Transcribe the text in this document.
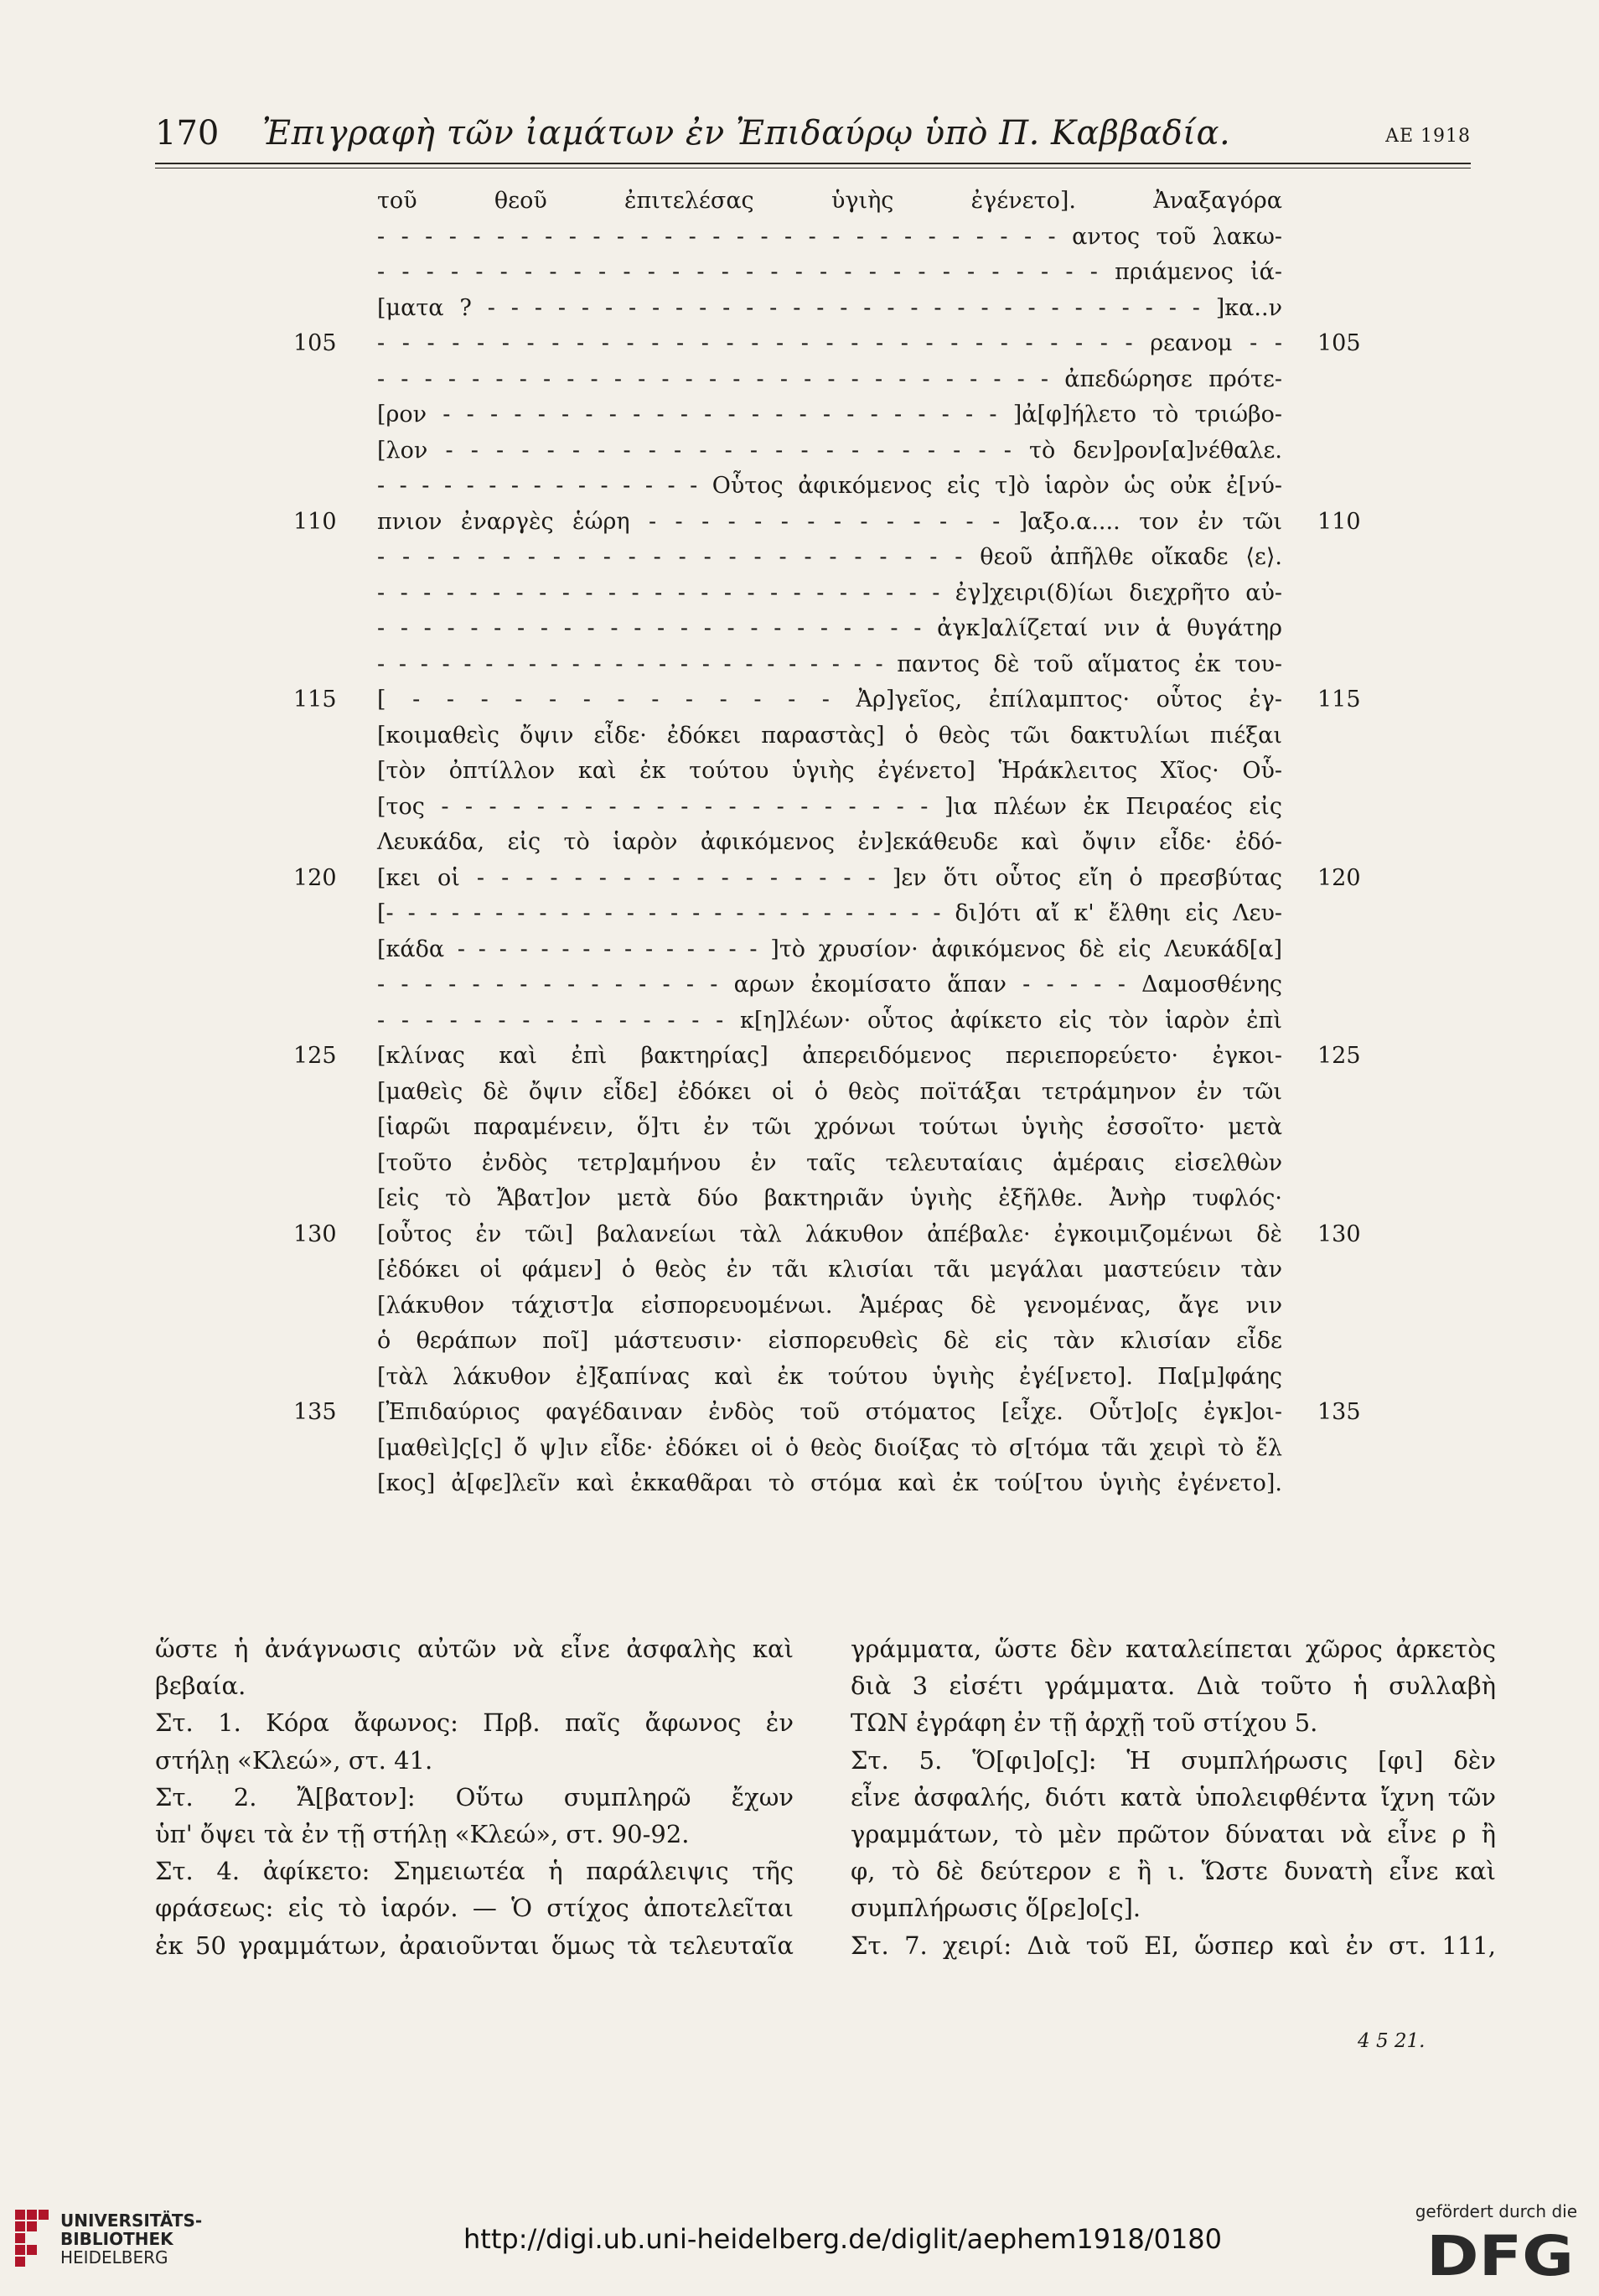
170 Ἐπιγραφὴ τῶν ἰαμάτων ἐν Ἐπιδαύρῳ ὑπὸ Π. Καββαδία.	ΑΕ 1918
τοῦ θεοῦ ἐπιτελέσας ὑγιὴς ἐγένετο]. Ἀναξαγόρα
- - - - - - - - - - - - - - - - - - - - - - - - - - - - - αντος τοῦ λακω-
- - - - - - - - - - - - - - - - - - - - - - - - - - - - - - πριάμενος ἰά-
[ματα ? - - - - - - - - - - - - - - - - - - - - - - - - - - - - - - - ]κα..ν
105 - - - - - - - - - - - - - - - - - - - - - - - - - - - - - - - ρεανομ - - 105
- - - - - - - - - - - - - - - - - - - - - - - - - - - - - ἀπεδώρησε πρότε-
[ρον - - - - - - - - - - - - - - - - - - - - - - - - ]ἀ[φ]ήλετο τὸ τριώβο-
[λον - - - - - - - - - - - - - - - - - - - - - - - τὸ δεν]ρον[α]νέθαλε.
- - - - - - - - - - - - - - - Οὗτος ἀφικόμενος εἰς τ]ὸ ἱαρὸν ὡς οὐκ ἐ[νύ-
110 πνιον ἐναργὲς ἑώρη - - - - - - - - - - - - - - ]αξο.α.... τον ἐν τῶι 110
- - - - - - - - - - - - - - - - - - - - - - - - θεοῦ ἀπῆλθε οἴκαδε ⟨ε⟩.
- - - - - - - - - - - - - - - - - - - - - - - - - ἐγ]χειρι(δ)ίωι διεχρῆτο αὐ-
- - - - - - - - - - - - - - - - - - - - - - - - ἀγκ]αλίζεταί νιν ἁ θυγάτηρ
- - - - - - - - - - - - - - - - - - - - - - - - παντος δὲ τοῦ αἵματος ἐκ του-
115 [ - - - - - - - - - - - - - Ἀρ]γεῖος, ἐπίλαμπτος· οὗτος ἐγ- 115
[κοιμαθεὶς ὄψιν εἶδε· ἐδόκει παραστὰς] ὁ θεὸς τῶι δακτυλίωι πιέξαι
[τὸν ὀπτίλλον καὶ ἐκ τούτου ὑγιὴς ἐγένετο] Ἡράκλειτος Χῖος· Οὗ-
[τος - - - - - - - - - - - - - - - - - - - - - ]ια πλέων ἐκ Πειραέος εἰς
Λευκάδα, εἰς τὸ ἱαρὸν ἀφικόμενος ἐν]εκάθευδε καὶ ὄψιν εἶδε· ἐδό-
120 [κει οἱ - - - - - - - - - - - - - - - - - ]εν ὅτι οὗτος εἴη ὁ πρεσβύτας 120
[- - - - - - - - - - - - - - - - - - - - - - - - - - δι]ότι αἴ κ' ἔλθηι εἰς Λευ-
[κάδα - - - - - - - - - - - - - - - ]τὸ χρυσίον· ἀφικόμενος δὲ εἰς Λευκάδ[α]
- - - - - - - - - - - - - - - αρων ἐκομίσατο ἅπαν - - - - - Δαμοσθένης
- - - - - - - - - - - - - - - κ[η]λέων· οὗτος ἀφίκετο εἰς τὸν ἱαρὸν ἐπὶ
125 [κλίνας καὶ ἐπὶ βακτηρίας] ἀπερειδόμενος περιεπορεύετο· ἐγκοι- 125
[μαθεὶς δὲ ὄψιν εἶδε] ἐδόκει οἱ ὁ θεὸς ποϊτάξαι τετράμηνον ἐν τῶι
[ἱαρῶι παραμένειν, ὅ]τι ἐν τῶι χρόνωι τούτωι ὑγιὴς ἐσσοῖτο· μετὰ
[τοῦτο ἐνδὸς τετρ]αμήνου ἐν ταῖς τελευταίαις ἁμέραις εἰσελθὼν
[εἰς τὸ Ἄβατ]ον μετὰ δύο βακτηριᾶν ὑγιὴς ἐξῆλθε. Ἀνὴρ τυφλός·
130 [οὗτος ἐν τῶι] βαλανείωι τὰλ λάκυθον ἀπέβαλε· ἐγκοιμιζομένωι δὲ 130
[ἐδόκει οἱ φάμεν] ὁ θεὸς ἐν τᾶι κλισίαι τᾶι μεγάλαι μαστεύειν τὰν
[λάκυθον τάχιστ]α εἰσπορευομένωι. Ἁμέρας δὲ γενομένας, ἄγε νιν
ὁ θεράπων ποῖ] μάστευσιν· εἰσπορευθεὶς δὲ εἰς τὰν κλισίαν εἶδε
[τὰλ λάκυθον ἐ]ξαπίνας καὶ ἐκ τούτου ὑγιὴς ἐγέ[νετο]. Πα[μ]φάης
135 [Ἐπιδαύριος φαγέδαιναν ἐνδὸς τοῦ στόματος [εἶχε. Οὗτ]ο[ς ἐγκ]οι- 135
[μαθεὶ]ς[ς] ὄ ψ]ιν εἶδε· ἐδόκει οἱ ὁ θεὸς διοίξας τὸ σ[τόμα τᾶι χειρὶ τὸ ἔλ
[κος] ἀ[φε]λεῖν καὶ ἐκκαθᾶραι τὸ στόμα καὶ ἐκ τού[του ὑγιὴς ἐγένετο].
ὥστε ἡ ἀνάγνωσις αὐτῶν νὰ εἶνε ἀσφαλὴς καὶ
βεβαία.
Στ. 1. Κόρα ἄφωνος: Πρβ. παῖς ἄφωνος ἐν
στήλῃ «Κλεώ», στ. 41.
Στ. 2. Ἄ[βατον]: Οὕτω συμπληρῶ ἔχων
ὑπ' ὄψει τὰ ἐν τῇ στήλῃ «Κλεώ», στ. 90-92.
Στ. 4. ἀφίκετο: Σημειωτέα ἡ παράλειψις τῆς
φράσεως: εἰς τὸ ἱαρόν. — Ὁ στίχος ἀποτελεῖται
ἐκ 50 γραμμάτων, ἀραιοῦνται ὅμως τὰ τελευταῖα
γράμματα, ὥστε δὲν καταλείπεται χῶρος ἀρκετὸς
διὰ 3 εἰσέτι γράμματα. Διὰ τοῦτο ἡ συλλαβὴ
ΤΩΝ ἐγράφη ἐν τῇ ἀρχῇ τοῦ στίχου 5.
Στ. 5. Ὅ[φι]ο[ς]: Ἡ συμπλήρωσις [φι] δὲν
εἶνε ἀσφαλής, διότι κατὰ ὑπολειφθέντα ἴχνη τῶν
γραμμάτων, τὸ μὲν πρῶτον δύναται νὰ εἶνε ρ ἢ
φ, τὸ δὲ δεύτερον ε ἢ ι. Ὥστε δυνατὴ εἶνε καὶ
συμπλήρωσις ὅ[ρε]ο[ς].
Στ. 7. χειρί: Διὰ τοῦ ΕΙ, ὥσπερ καὶ ἐν στ. 111,
4 5 21.
UNIVERSITÄTS-
BIBLIOTHEK
HEIDELBERG
http://digi.ub.uni-heidelberg.de/diglit/aephem1918/0180
gefördert durch die
DFG
